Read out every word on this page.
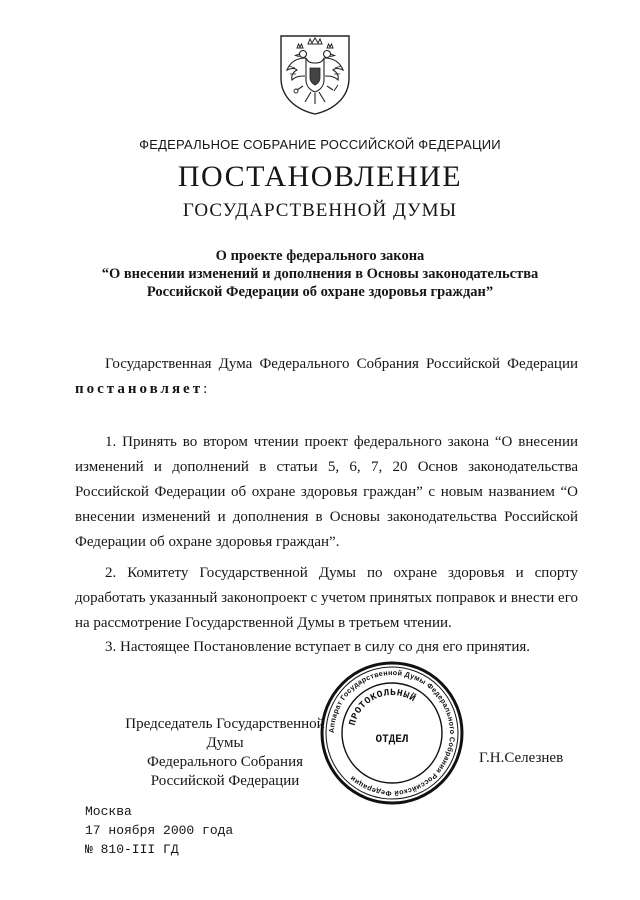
ФЕДЕРАЛЬНОЕ СОБРАНИЕ РОССИЙСКОЙ ФЕДЕРАЦИИ
ПОСТАНОВЛЕНИЕ
ГОСУДАРСТВЕННОЙ ДУМЫ
О проекте федерального закона
“О внесении изменений и дополнения в Основы законодательства
Российской Федерации об охране здоровья граждан”
Государственная Дума Федерального Собрания Российской Федерации постановляет:
1. Принять во втором чтении проект федерального закона “О внесении изменений и дополнений в статьи 5, 6, 7, 20 Основ законодательства Российской Федерации об охране здоровья граждан” с новым названием “О внесении изменений и дополнения в Основы законодательства Российской Федерации об охране здоровья граждан”.
2. Комитету Государственной Думы по охране здоровья и спорту доработать указанный законопроект с учетом принятых поправок и внести его на рассмотрение Государственной Думы в третьем чтении.
3. Настоящее Постановление вступает в силу со дня его принятия.
Председатель Государственной Думы
Федерального Собрания
Российской Федерации
Аппарат Государственной Думы Федерального Собрания Российской Федерации
ПРОТОКОЛЬНЫЙ
ОТДЕЛ
Г.Н.Селезнев
Москва
17 ноября 2000 года
№ 810-III ГД
